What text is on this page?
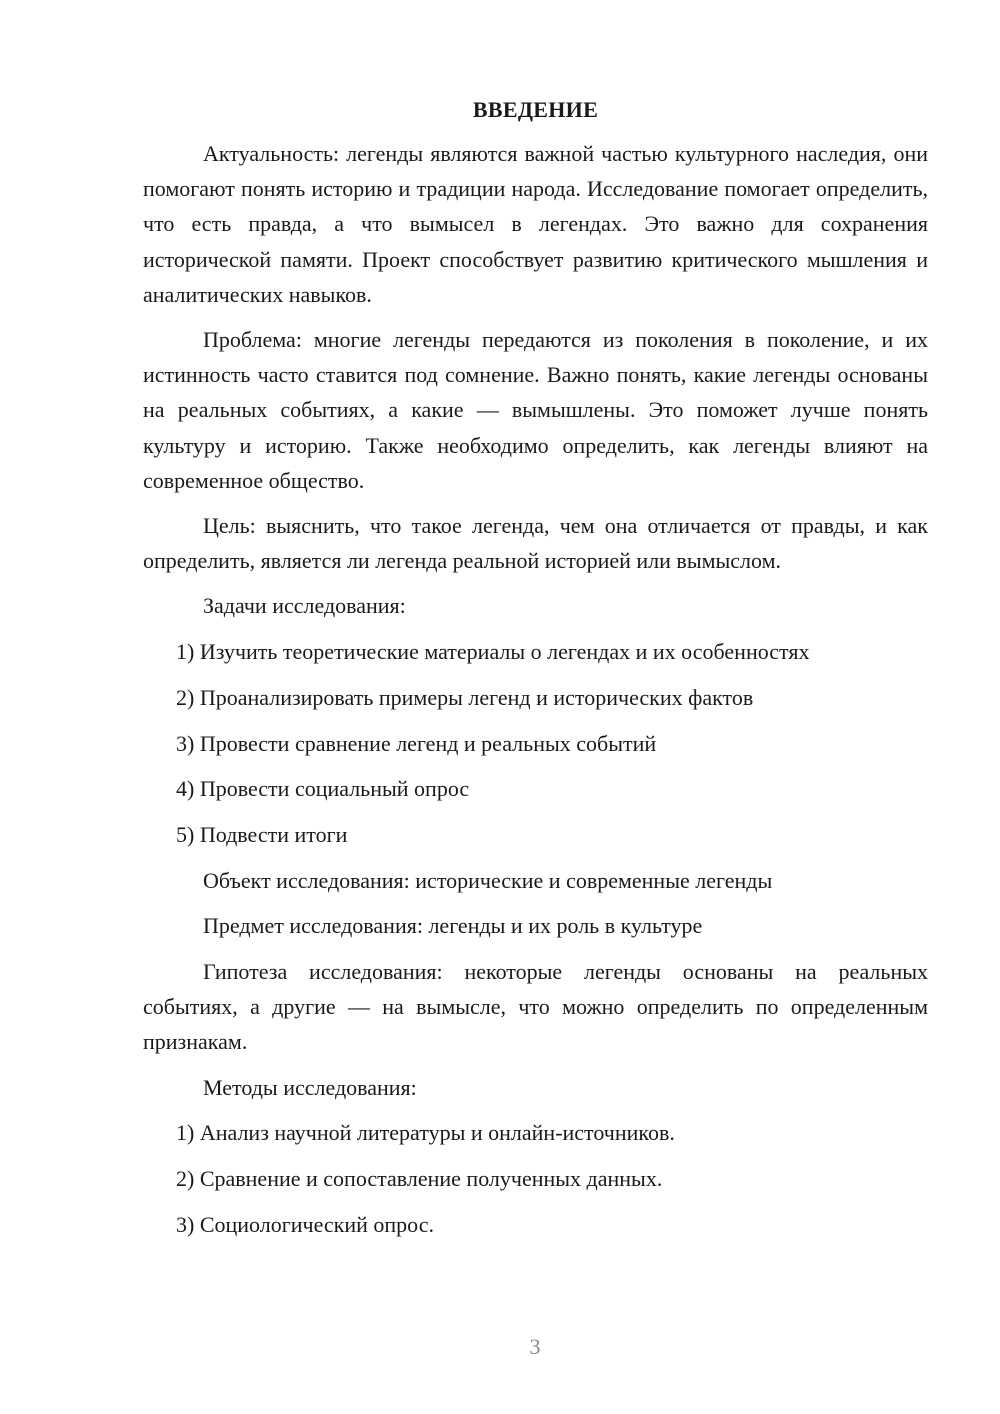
ВВЕДЕНИЕ

Актуальность: легенды являются важной частью культурного наследия, они помогают понять историю и традиции народа. Исследование помогает определить, что есть правда, а что вымысел в легендах. Это важно для сохранения исторической памяти. Проект способствует развитию критического мышления и аналитических навыков.

Проблема: многие легенды передаются из поколения в поколение, и их истинность часто ставится под сомнение. Важно понять, какие легенды основаны на реальных событиях, а какие — вымышлены. Это поможет лучше понять культуру и историю. Также необходимо определить, как легенды влияют на современное общество.

Цель: выяснить, что такое легенда, чем она отличается от правды, и как определить, является ли легенда реальной историей или вымыслом.

Задачи исследования:

1) Изучить теоретические материалы о легендах и их особенностях

2) Проанализировать примеры легенд и исторических фактов

3) Провести сравнение легенд и реальных событий

4) Провести социальный опрос

5) Подвести итоги

Объект исследования: исторические и современные легенды

Предмет исследования: легенды и их роль в культуре

Гипотеза исследования: некоторые легенды основаны на реальных событиях, а другие — на вымысле, что можно определить по определенным признакам.

Методы исследования:

1) Анализ научной литературы и онлайн-источников.

2) Сравнение и сопоставление полученных данных.

3) Социологический опрос.

3
